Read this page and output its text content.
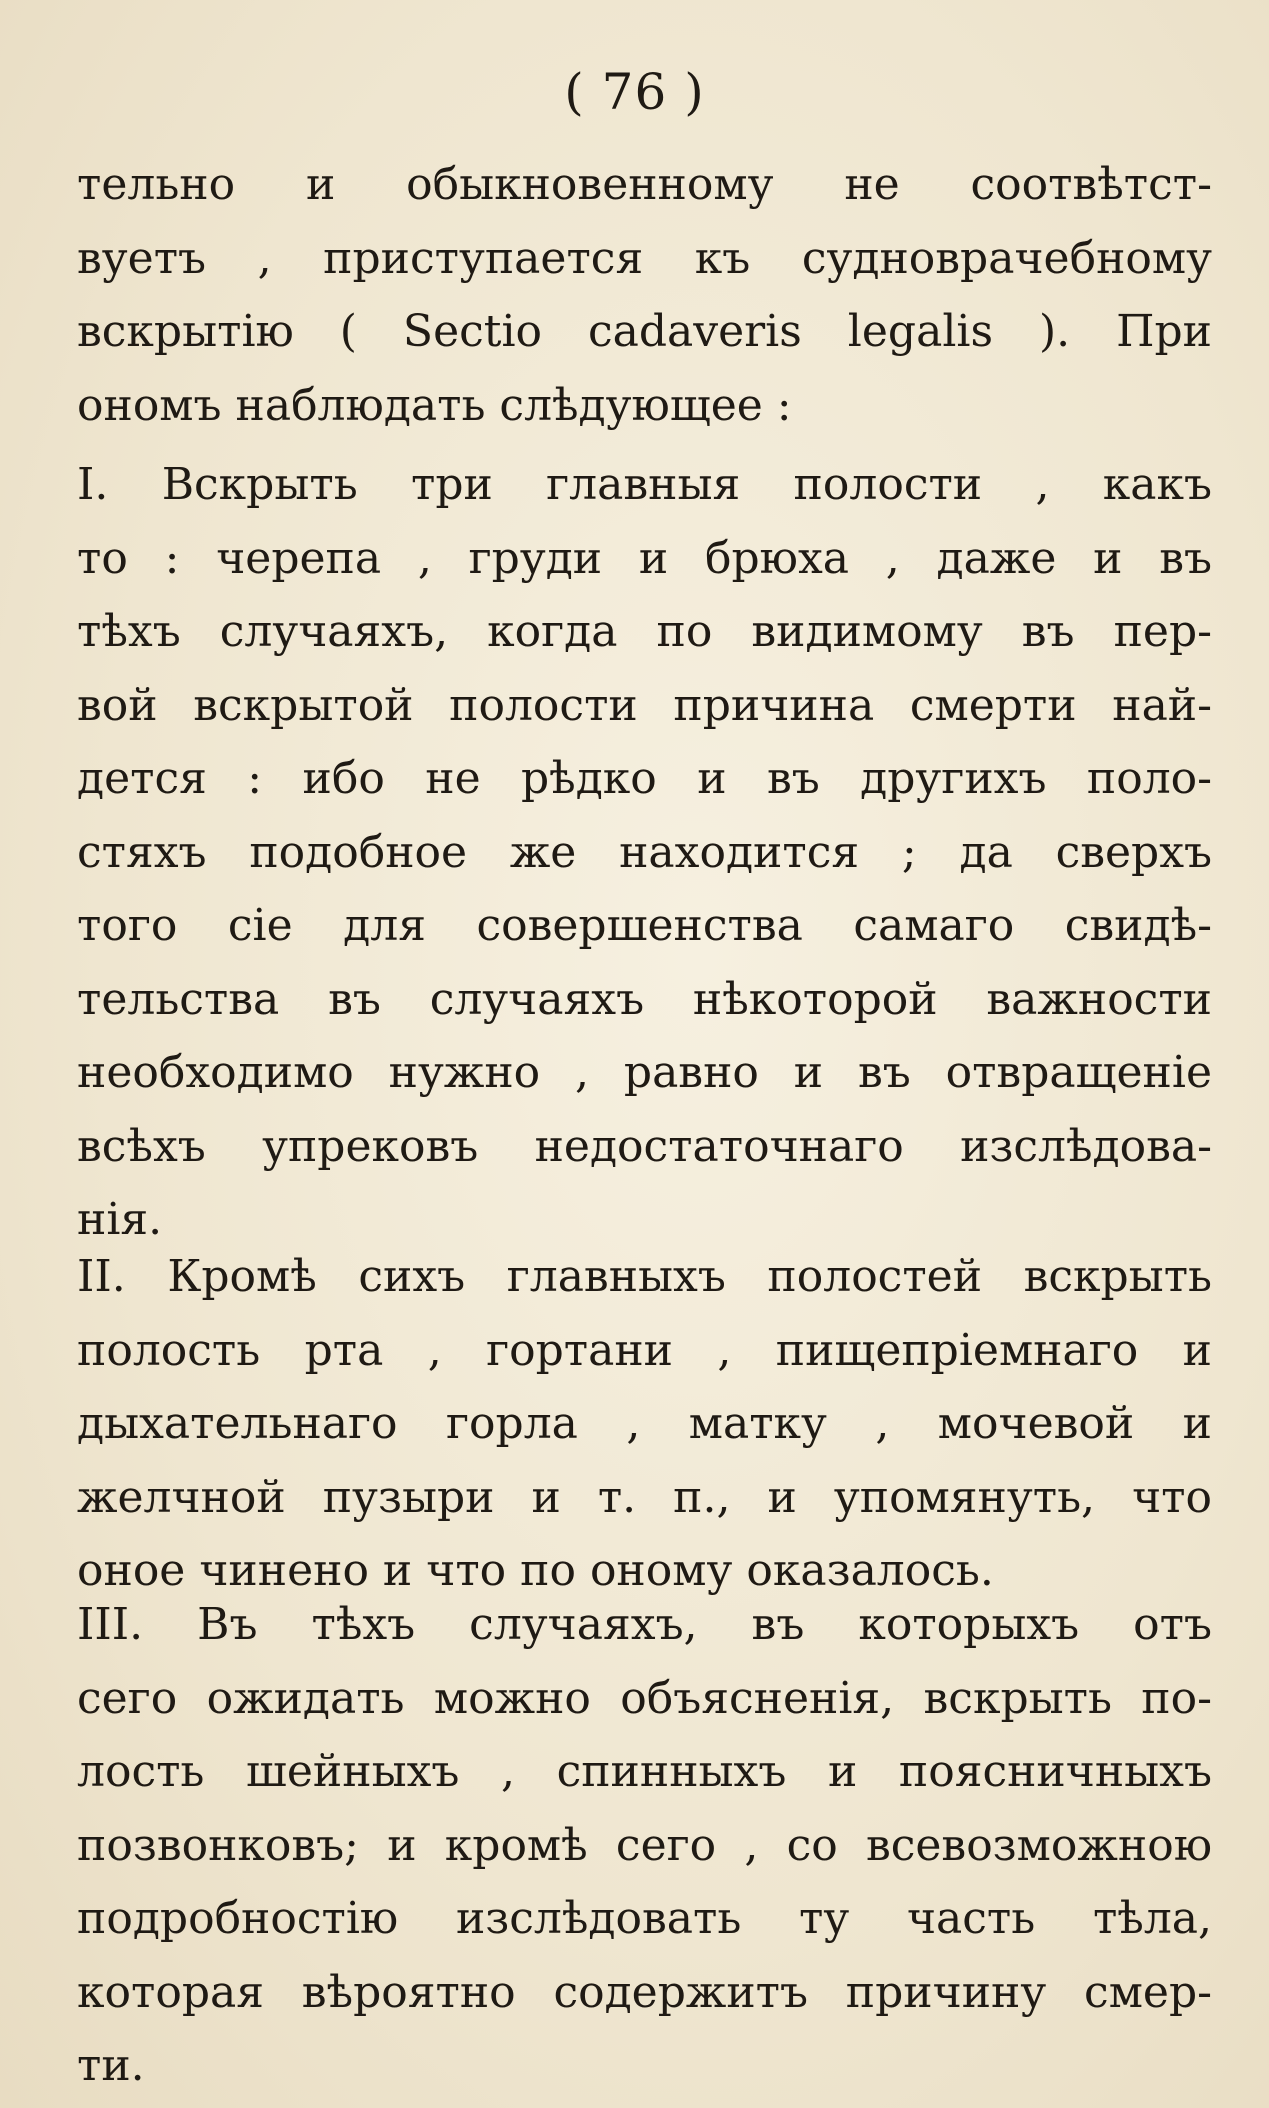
( 76 )
тельно и обыкновенному не соотвѣтст-
вуетъ , приступается къ судноврачебному
вскрытiю ( Sectio cadaveris legalis ). При
ономъ наблюдать слѣдующее :
I. Вскрыть три главныя полости , какъ
то : черепа , груди и брюха , даже и въ
тѣхъ случаяхъ, когда по видимому въ пер-
вой вскрытой полости причина смерти най-
дется : ибо не рѣдко и въ другихъ поло-
стяхъ подобное же находится ; да сверхъ
того сiе для совершенства самаго свидѣ-
тельства въ случаяхъ нѣкоторой важности
необходимо нужно , равно и въ отвращенiе
всѣхъ упрековъ недостаточнаго изслѣдова-
нiя.
II. Кромѣ сихъ главныхъ полостей вскрыть
полость рта , гортани , пищепрiемнаго и
дыхательнаго горла , матку , мочевой и
желчной пузыри и т. п., и упомянуть, что
оное чинено и что по оному оказалось.
III. Въ тѣхъ случаяхъ, въ которыхъ отъ
сего ожидать можно объясненiя, вскрыть по-
лость шейныхъ , спинныхъ и поясничныхъ
позвонковъ; и кромѣ сего , со всевозможною
подробностiю изслѣдовать ту часть тѣла,
которая вѣроятно содержитъ причину смер-
ти.
